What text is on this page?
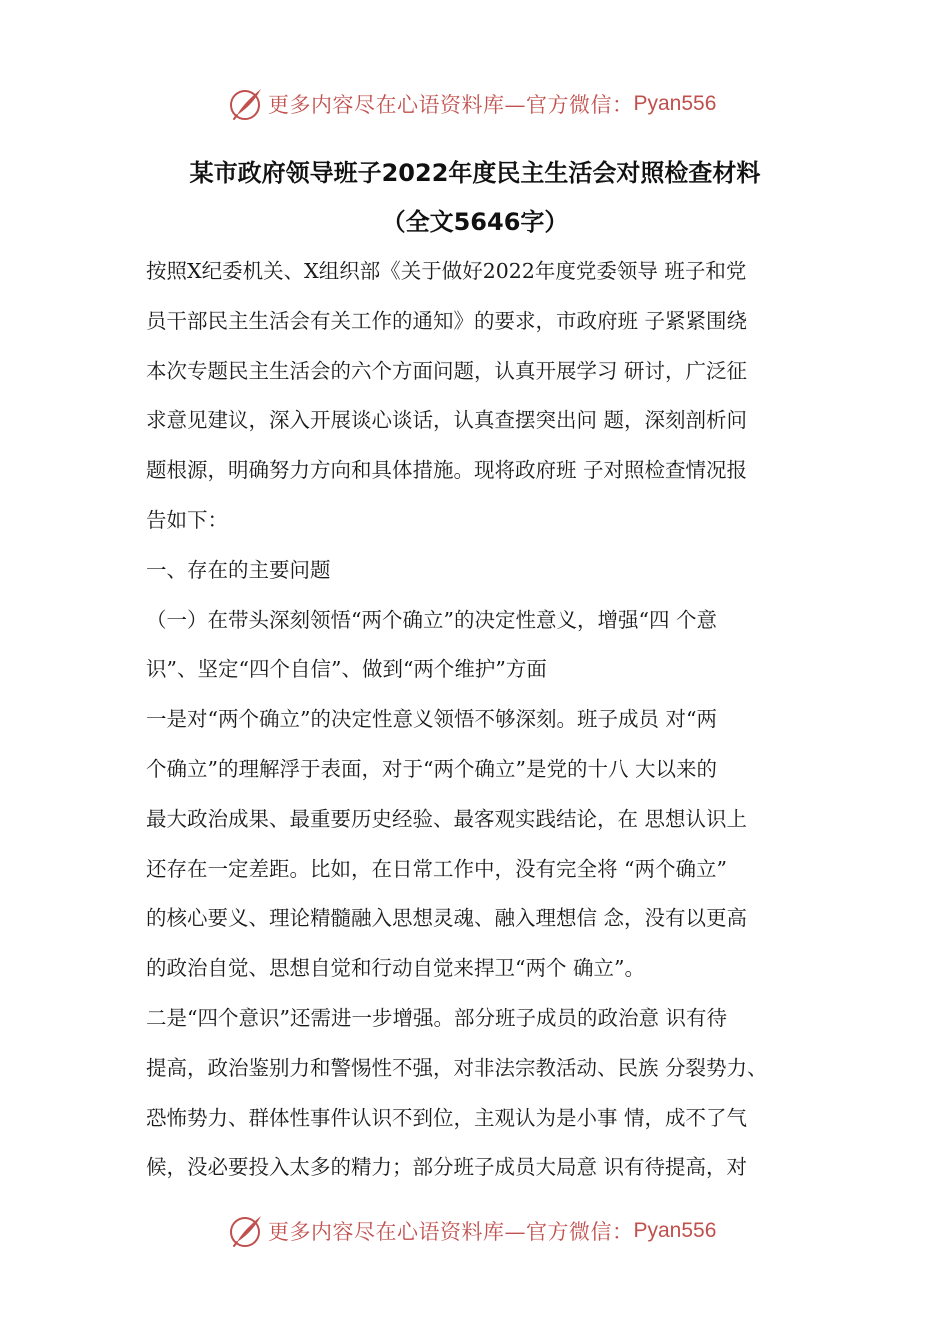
更多内容尽在心语资料库—官方微信： Pyan556
某市政府领导班子2022年度民主生活会对照检查材料
（全文5646字）
按照X纪委机关、X组织部《关于做好2022年度党委领导 班子和党
员干部民主生活会有关工作的通知》的要求，市政府班 子紧紧围绕
本次专题民主生活会的六个方面问题，认真开展学习 研讨，广泛征
求意见建议，深入开展谈心谈话，认真查摆突出问 题，深刻剖析问
题根源，明确努力方向和具体措施。现将政府班 子对照检查情况报
告如下：
一、存在的主要问题
（一）在带头深刻领悟“两个确立”的决定性意义，增强“四 个意
识”、坚定“四个自信”、做到“两个维护”方面
一是对“两个确立”的决定性意义领悟不够深刻。班子成员 对“两
个确立”的理解浮于表面，对于“两个确立”是党的十八 大以来的
最大政治成果、最重要历史经验、最客观实践结论，在 思想认识上
还存在一定差距。比如，在日常工作中，没有完全将 “两个确立”
的核心要义、理论精髓融入思想灵魂、融入理想信 念，没有以更高
的政治自觉、思想自觉和行动自觉来捍卫“两个 确立”。
二是“四个意识”还需进一步增强。部分班子成员的政治意 识有待
提高，政治鉴别力和警惕性不强，对非法宗教活动、民族 分裂势力、
恐怖势力、群体性事件认识不到位，主观认为是小事 情，成不了气
候，没必要投入太多的精力；部分班子成员大局意 识有待提高，对
更多内容尽在心语资料库—官方微信： Pyan556
